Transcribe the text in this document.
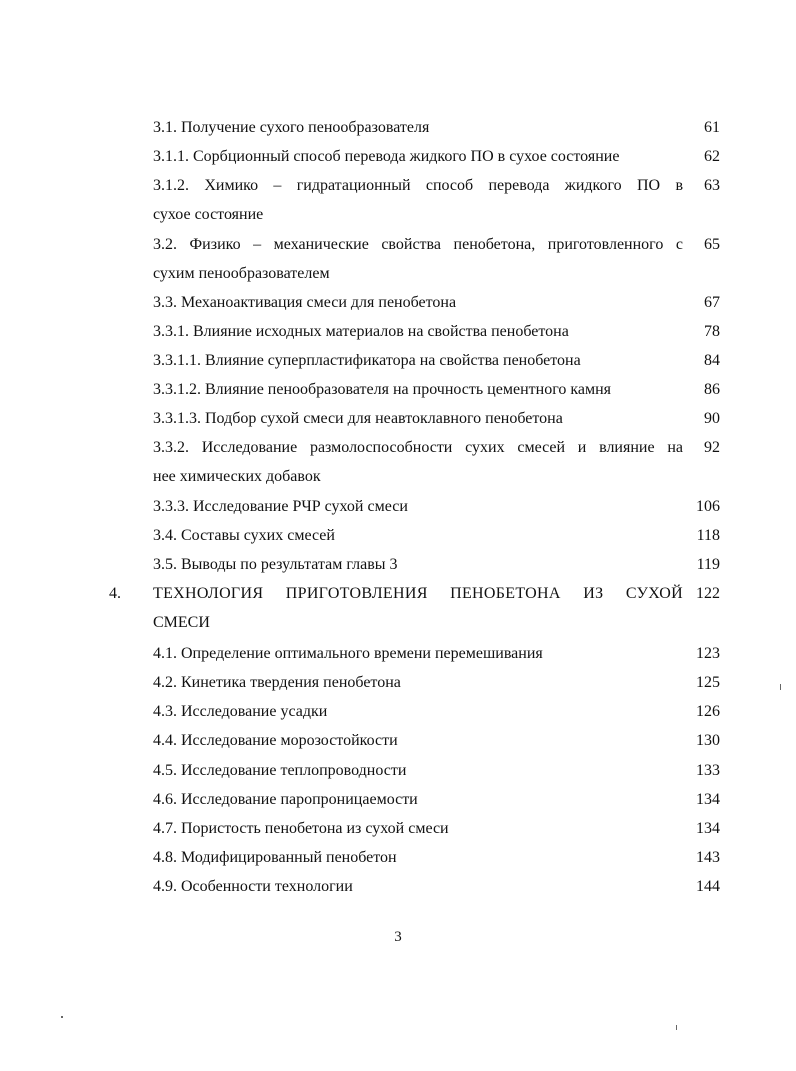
3.1. Получение сухого пенообразователя	61
3.1.1. Сорбционный способ перевода жидкого ПО в сухое состояние	62
3.1.2. Химико – гидратационный способ перевода жидкого ПО в	63
сухое состояние
3.2. Физико – механические свойства пенобетона, приготовленного с	65
сухим пенообразователем
3.3. Механоактивация смеси для пенобетона	67
3.3.1. Влияние исходных материалов на свойства пенобетона	78
3.3.1.1. Влияние суперпластификатора на свойства пенобетона	84
3.3.1.2. Влияние пенообразователя на прочность цементного камня	86
3.3.1.3. Подбор сухой смеси для неавтоклавного пенобетона	90
3.3.2. Исследование размолоспособности сухих смесей и влияние на	92
нее химических добавок
3.3.3. Исследование РЧР сухой смеси	106
3.4. Составы сухих смесей	118
3.5. Выводы по результатам главы 3	119
4. ТЕХНОЛОГИЯ ПРИГОТОВЛЕНИЯ ПЕНОБЕТОНА ИЗ СУХОЙ 122
СМЕСИ
4.1. Определение оптимального времени перемешивания	123
4.2. Кинетика твердения пенобетона	125
4.3. Исследование усадки	126
4.4. Исследование морозостойкости	130
4.5. Исследование теплопроводности	133
4.6. Исследование паропроницаемости	134
4.7. Пористость пенобетона из сухой смеси	134
4.8. Модифицированный пенобетон	143
4.9. Особенности технологии	144
3
